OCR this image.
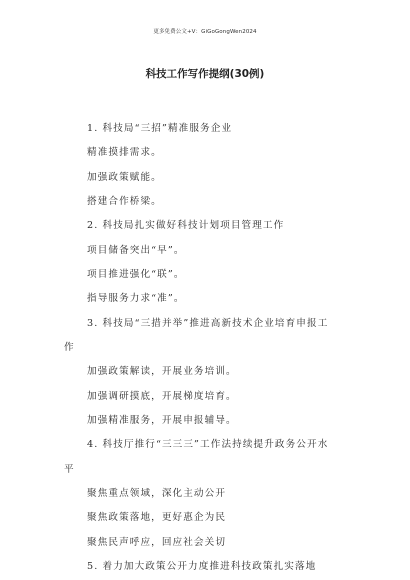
更多免费公文+V：GiGoGongWen2024
科技工作写作提纲(30例)
1. 科技局“三招”精准服务企业
精准摸排需求。
加强政策赋能。
搭建合作桥梁。
2. 科技局扎实做好科技计划项目管理工作
项目储备突出“早”。
项目推进强化“联”。
指导服务力求“准”。
3. 科技局“三措并举”推进高新技术企业培育申报工
作
加强政策解读，开展业务培训。
加强调研摸底，开展梯度培育。
加强精准服务，开展申报辅导。
4. 科技厅推行“三三三”工作法持续提升政务公开水
平
聚焦重点领域，深化主动公开
聚焦政策落地，更好惠企为民
聚焦民声呼应，回应社会关切
5. 着力加大政策公开力度推进科技政策扎实落地
